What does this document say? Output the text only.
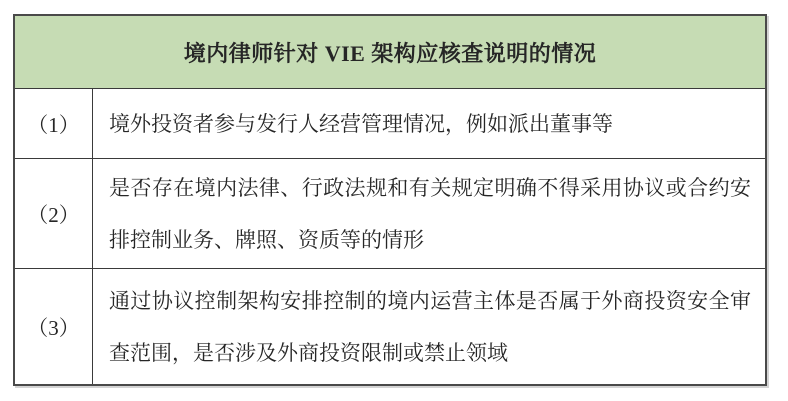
境内律师针对 VIE 架构应核查说明的情况
（1） 境外投资者参与发行人经营管理情况，例如派出董事等
（2）
是否存在境内法律、行政法规和有关规定明确不得采用协议或合约安排控制业务、牌照、资质等的情形
（3）
通过协议控制架构安排控制的境内运营主体是否属于外商投资安全审查范围，是否涉及外商投资限制或禁止领域
